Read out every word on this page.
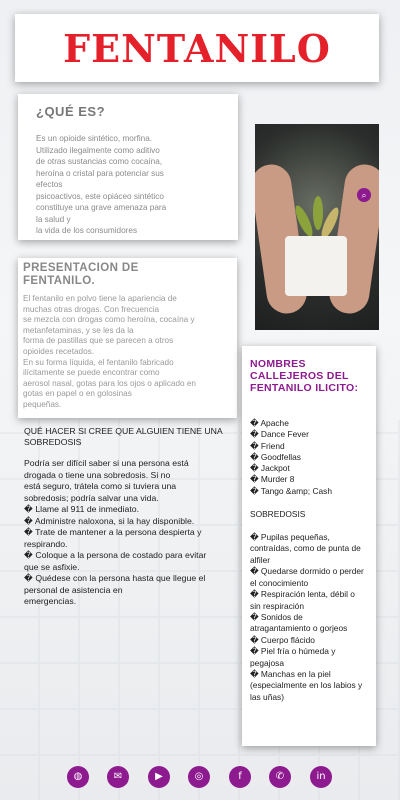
FENTANILO
¿QUÉ ES?

Es un opioide sintético, morfina.
Utilizado ilegalmente como aditivo
de otras sustancias como cocaína,
heroína o cristal para potenciar sus
efectos
psicoactivos, este opiáceo sintético
constituye una grave amenaza para
la salud y
la vida de los consumidores

⌕
PRESENTACION DE
FENTANILO.

El fentanilo en polvo tiene la apariencia de
muchas otras drogas. Con frecuencia
se mezcla con drogas como heroína, cocaína y
metanfetaminas, y se les da la
forma de pastillas que se parecen a otros
opioides recetados.
En su forma líquida, el fentanilo fabricado
ilícitamente se puede encontrar como
aerosol nasal, gotas para los ojos o aplicado en
gotas en papel o en golosinas
pequeñas.

QUÉ HACER SI CREE QUE ALGUIEN TIENE UNA
SOBREDOSIS

Podría ser difícil saber si una persona está
drogada o tiene una sobredosis. Si no
está seguro, trátela como si tuviera una
sobredosis; podría salvar una vida.
� Llame al 911 de inmediato.
� Administre naloxona, si la hay disponible.
� Trate de mantener a la persona despierta y
respirando.
� Coloque a la persona de costado para evitar
que se asfixie.
� Quédese con la persona hasta que llegue el
personal de asistencia en
emergencias.

NOMBRES
CALLEJEROS DEL
FENTANILO ILICITO:
� Apache
� Dance Fever
� Friend
� Goodfellas
� Jackpot
� Murder 8
� Tango &amp; Cash
SOBREDOSIS

� Pupilas pequeñas,
contraídas, como de punta de
alfiler
� Quedarse dormido o perder
el conocimiento
� Respiración lenta, débil o
sin respiración
� Sonidos de
atragantamiento o gorjeos
� Cuerpo flácido
� Piel fría o húmeda y
pegajosa
� Manchas en la piel
(especialmente en los labios y
las uñas)

◍	✉	▶	◎	f	✆	in
